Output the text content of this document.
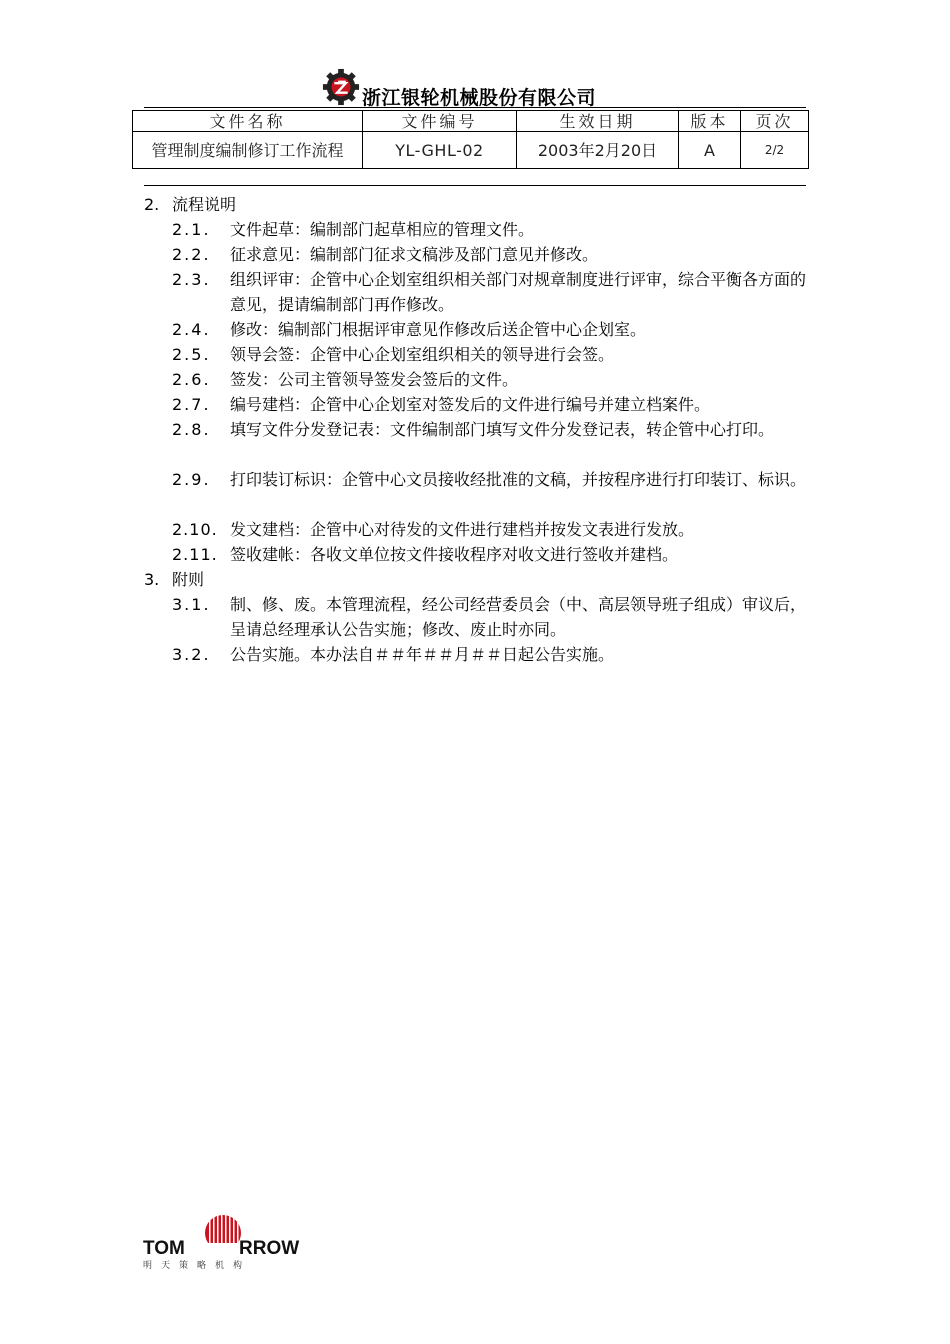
浙江银轮机械股份有限公司
文件名称	文件编号	生效日期	版本	页次
管理制度编制修订工作流程	YL-GHL-02	2003年2月20日	A	2/2
2. 流程说明
2.1. 文件起草：编制部门起草相应的管理文件。
2.2. 征求意见：编制部门征求文稿涉及部门意见并修改。
2.3. 组织评审：企管中心企划室组织相关部门对规章制度进行评审，综合平衡各方面的意见，提请编制部门再作修改。
2.4. 修改：编制部门根据评审意见作修改后送企管中心企划室。
2.5. 领导会签：企管中心企划室组织相关的领导进行会签。
2.6. 签发：公司主管领导签发会签后的文件。
2.7. 编号建档：企管中心企划室对签发后的文件进行编号并建立档案件。
2.8. 填写文件分发登记表：文件编制部门填写文件分发登记表，转企管中心打印。
2.9. 打印装订标识：企管中心文员接收经批准的文稿，并按程序进行打印装订、标识。
2.10. 发文建档：企管中心对待发的文件进行建档并按发文表进行发放。
2.11. 签收建帐：各收文单位按文件接收程序对收文进行签收并建档。
3. 附则
3.1. 制、修、废。本管理流程，经公司经营委员会（中、高层领导班子组成）审议后，呈请总经理承认公告实施；修改、废止时亦同。
3.2. 公告实施。本办法自＃＃年＃＃月＃＃日起公告实施。
TOM	RROW
明天策略机构
